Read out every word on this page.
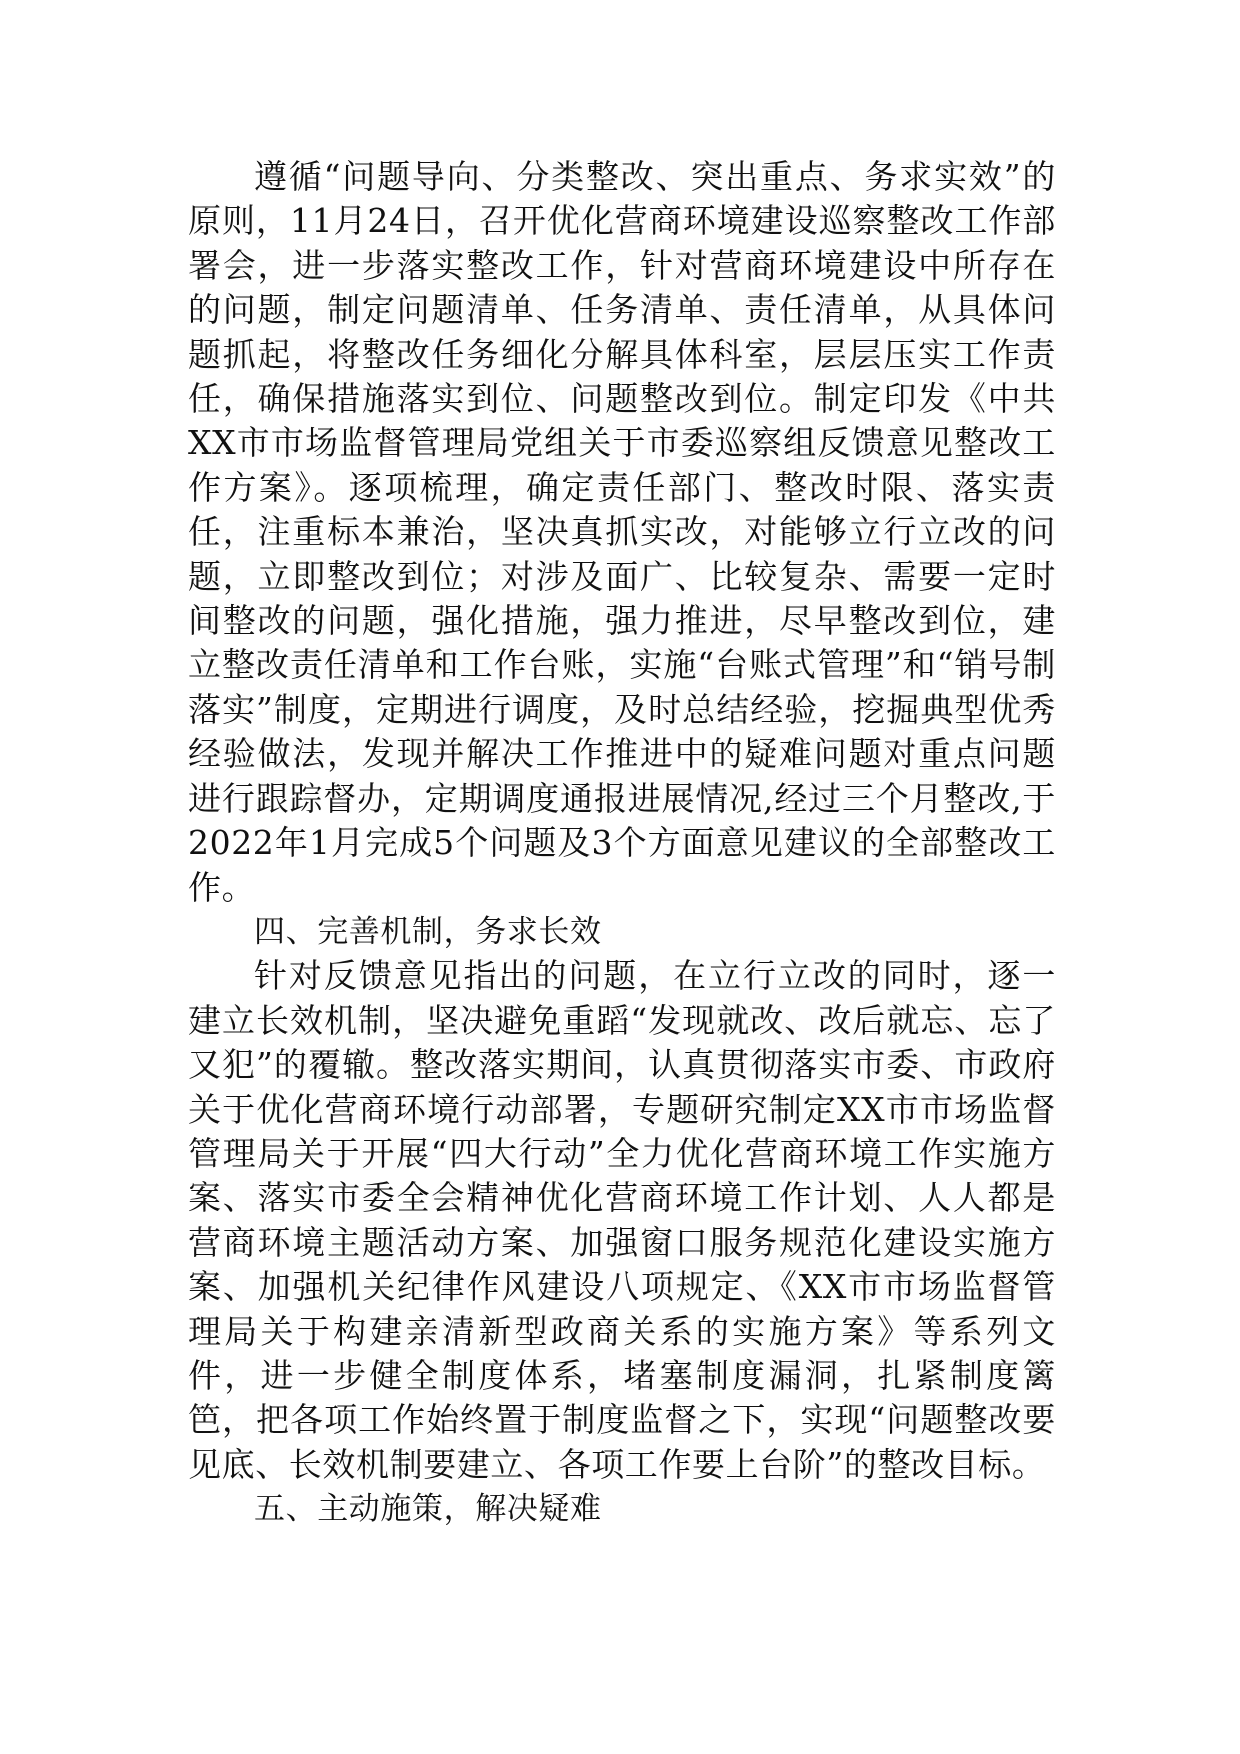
遵循“问题导向、分类整改、突出重点、务求实效”的原则，11月24日，召开优化营商环境建设巡察整改工作部署会，进一步落实整改工作，针对营商环境建设中所存在的问题，制定问题清单、任务清单、责任清单，从具体问题抓起，将整改任务细化分解具体科室，层层压实工作责任，确保措施落实到位、问题整改到位。制定印发《中共XX市市场监督管理局党组关于市委巡察组反馈意见整改工作方案》。逐项梳理，确定责任部门、整改时限、落实责任，注重标本兼治，坚决真抓实改，对能够立行立改的问题，立即整改到位；对涉及面广、比较复杂、需要一定时间整改的问题，强化措施，强力推进，尽早整改到位，建立整改责任清单和工作台账，实施“台账式管理”和“销号制落实”制度，定期进行调度，及时总结经验，挖掘典型优秀经验做法，发现并解决工作推进中的疑难问题对重点问题进行跟踪督办，定期调度通报进展情况,经过三个月整改,于2022年1月完成5个问题及3个方面意见建议的全部整改工作。

四、完善机制，务求长效

针对反馈意见指出的问题，在立行立改的同时，逐一建立长效机制，坚决避免重蹈“发现就改、改后就忘、忘了又犯”的覆辙。整改落实期间，认真贯彻落实市委、市政府关于优化营商环境行动部署，专题研究制定XX市市场监督管理局关于开展“四大行动”全力优化营商环境工作实施方案、落实市委全会精神优化营商环境工作计划、人人都是营商环境主题活动方案、加强窗口服务规范化建设实施方案、加强机关纪律作风建设八项规定、《XX市市场监督管理局关于构建亲清新型政商关系的实施方案》等系列文件，进一步健全制度体系，堵塞制度漏洞，扎紧制度篱笆，把各项工作始终置于制度监督之下，实现“问题整改要见底、长效机制要建立、各项工作要上台阶”的整改目标。

五、主动施策，解决疑难
